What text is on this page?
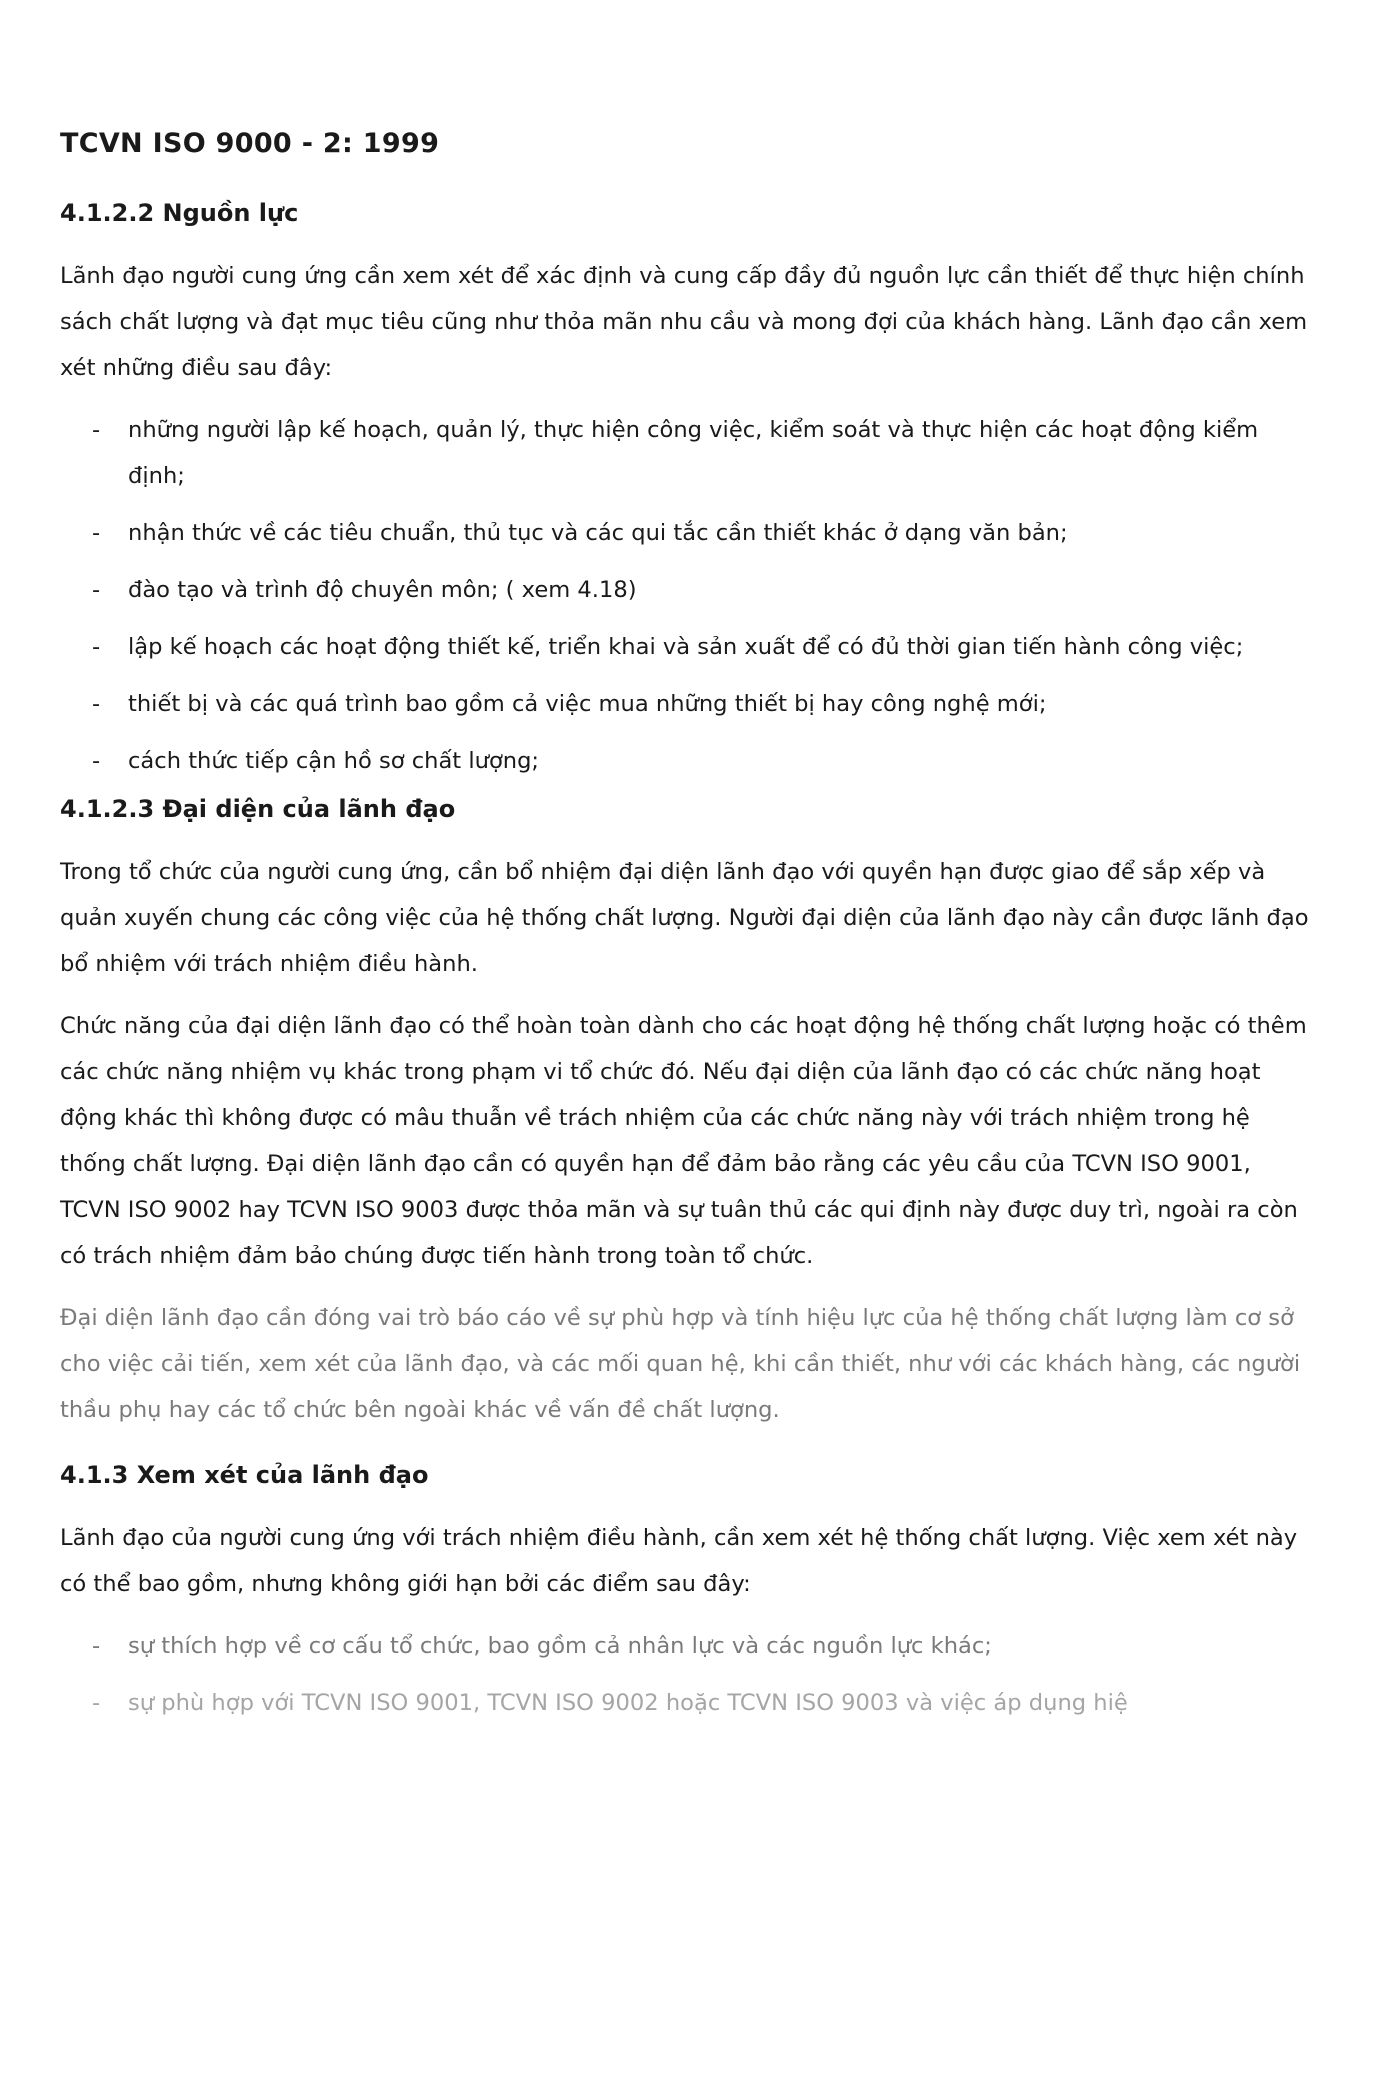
TCVN ISO 9000 - 2: 1999
4.1.2.2 Nguồn lực

Lãnh đạo người cung ứng cần xem xét để xác định và cung cấp đầy đủ nguồn lực cần thiết để thực hiện chính sách chất lượng và đạt mục tiêu cũng như thỏa mãn nhu cầu và mong đợi của khách hàng. Lãnh đạo cần xem xét những điều sau đây:

- những người lập kế hoạch, quản lý, thực hiện công việc, kiểm soát và thực hiện các hoạt động kiểm định;
- nhận thức về các tiêu chuẩn, thủ tục và các qui tắc cần thiết khác ở dạng văn bản;
- đào tạo và trình độ chuyên môn; ( xem 4.18)
- lập kế hoạch các hoạt động thiết kế, triển khai và sản xuất để có đủ thời gian tiến hành công việc;
- thiết bị và các quá trình bao gồm cả việc mua những thiết bị hay công nghệ mới;
- cách thức tiếp cận hồ sơ chất lượng;
4.1.2.3 Đại diện của lãnh đạo

Trong tổ chức của người cung ứng, cần bổ nhiệm đại diện lãnh đạo với quyền hạn được giao để sắp xếp và quản xuyến chung các công việc của hệ thống chất lượng. Người đại diện của lãnh đạo này cần được lãnh đạo bổ nhiệm với trách nhiệm điều hành.

Chức năng của đại diện lãnh đạo có thể hoàn toàn dành cho các hoạt động hệ thống chất lượng hoặc có thêm các chức năng nhiệm vụ khác trong phạm vi tổ chức đó. Nếu đại diện của lãnh đạo có các chức năng hoạt động khác thì không được có mâu thuẫn về trách nhiệm của các chức năng này với trách nhiệm trong hệ thống chất lượng. Đại diện lãnh đạo cần có quyền hạn để đảm bảo rằng các yêu cầu của TCVN ISO 9001, TCVN ISO 9002 hay TCVN ISO 9003 được thỏa mãn và sự tuân thủ các qui định này được duy trì, ngoài ra còn có trách nhiệm đảm bảo chúng được tiến hành trong toàn tổ chức.

Đại diện lãnh đạo cần đóng vai trò báo cáo về sự phù hợp và tính hiệu lực của hệ thống chất lượng làm cơ sở cho việc cải tiến, xem xét của lãnh đạo, và các mối quan hệ, khi cần thiết, như với các khách hàng, các người thầu phụ hay các tổ chức bên ngoài khác về vấn đề chất lượng.

4.1.3 Xem xét của lãnh đạo

Lãnh đạo của người cung ứng với trách nhiệm điều hành, cần xem xét hệ thống chất lượng. Việc xem xét này có thể bao gồm, nhưng không giới hạn bởi các điểm sau đây:

- sự thích hợp về cơ cấu tổ chức, bao gồm cả nhân lực và các nguồn lực khác;
- sự phù hợp với TCVN ISO 9001, TCVN ISO 9002 hoặc TCVN ISO 9003 và việc áp dụng hiệ
